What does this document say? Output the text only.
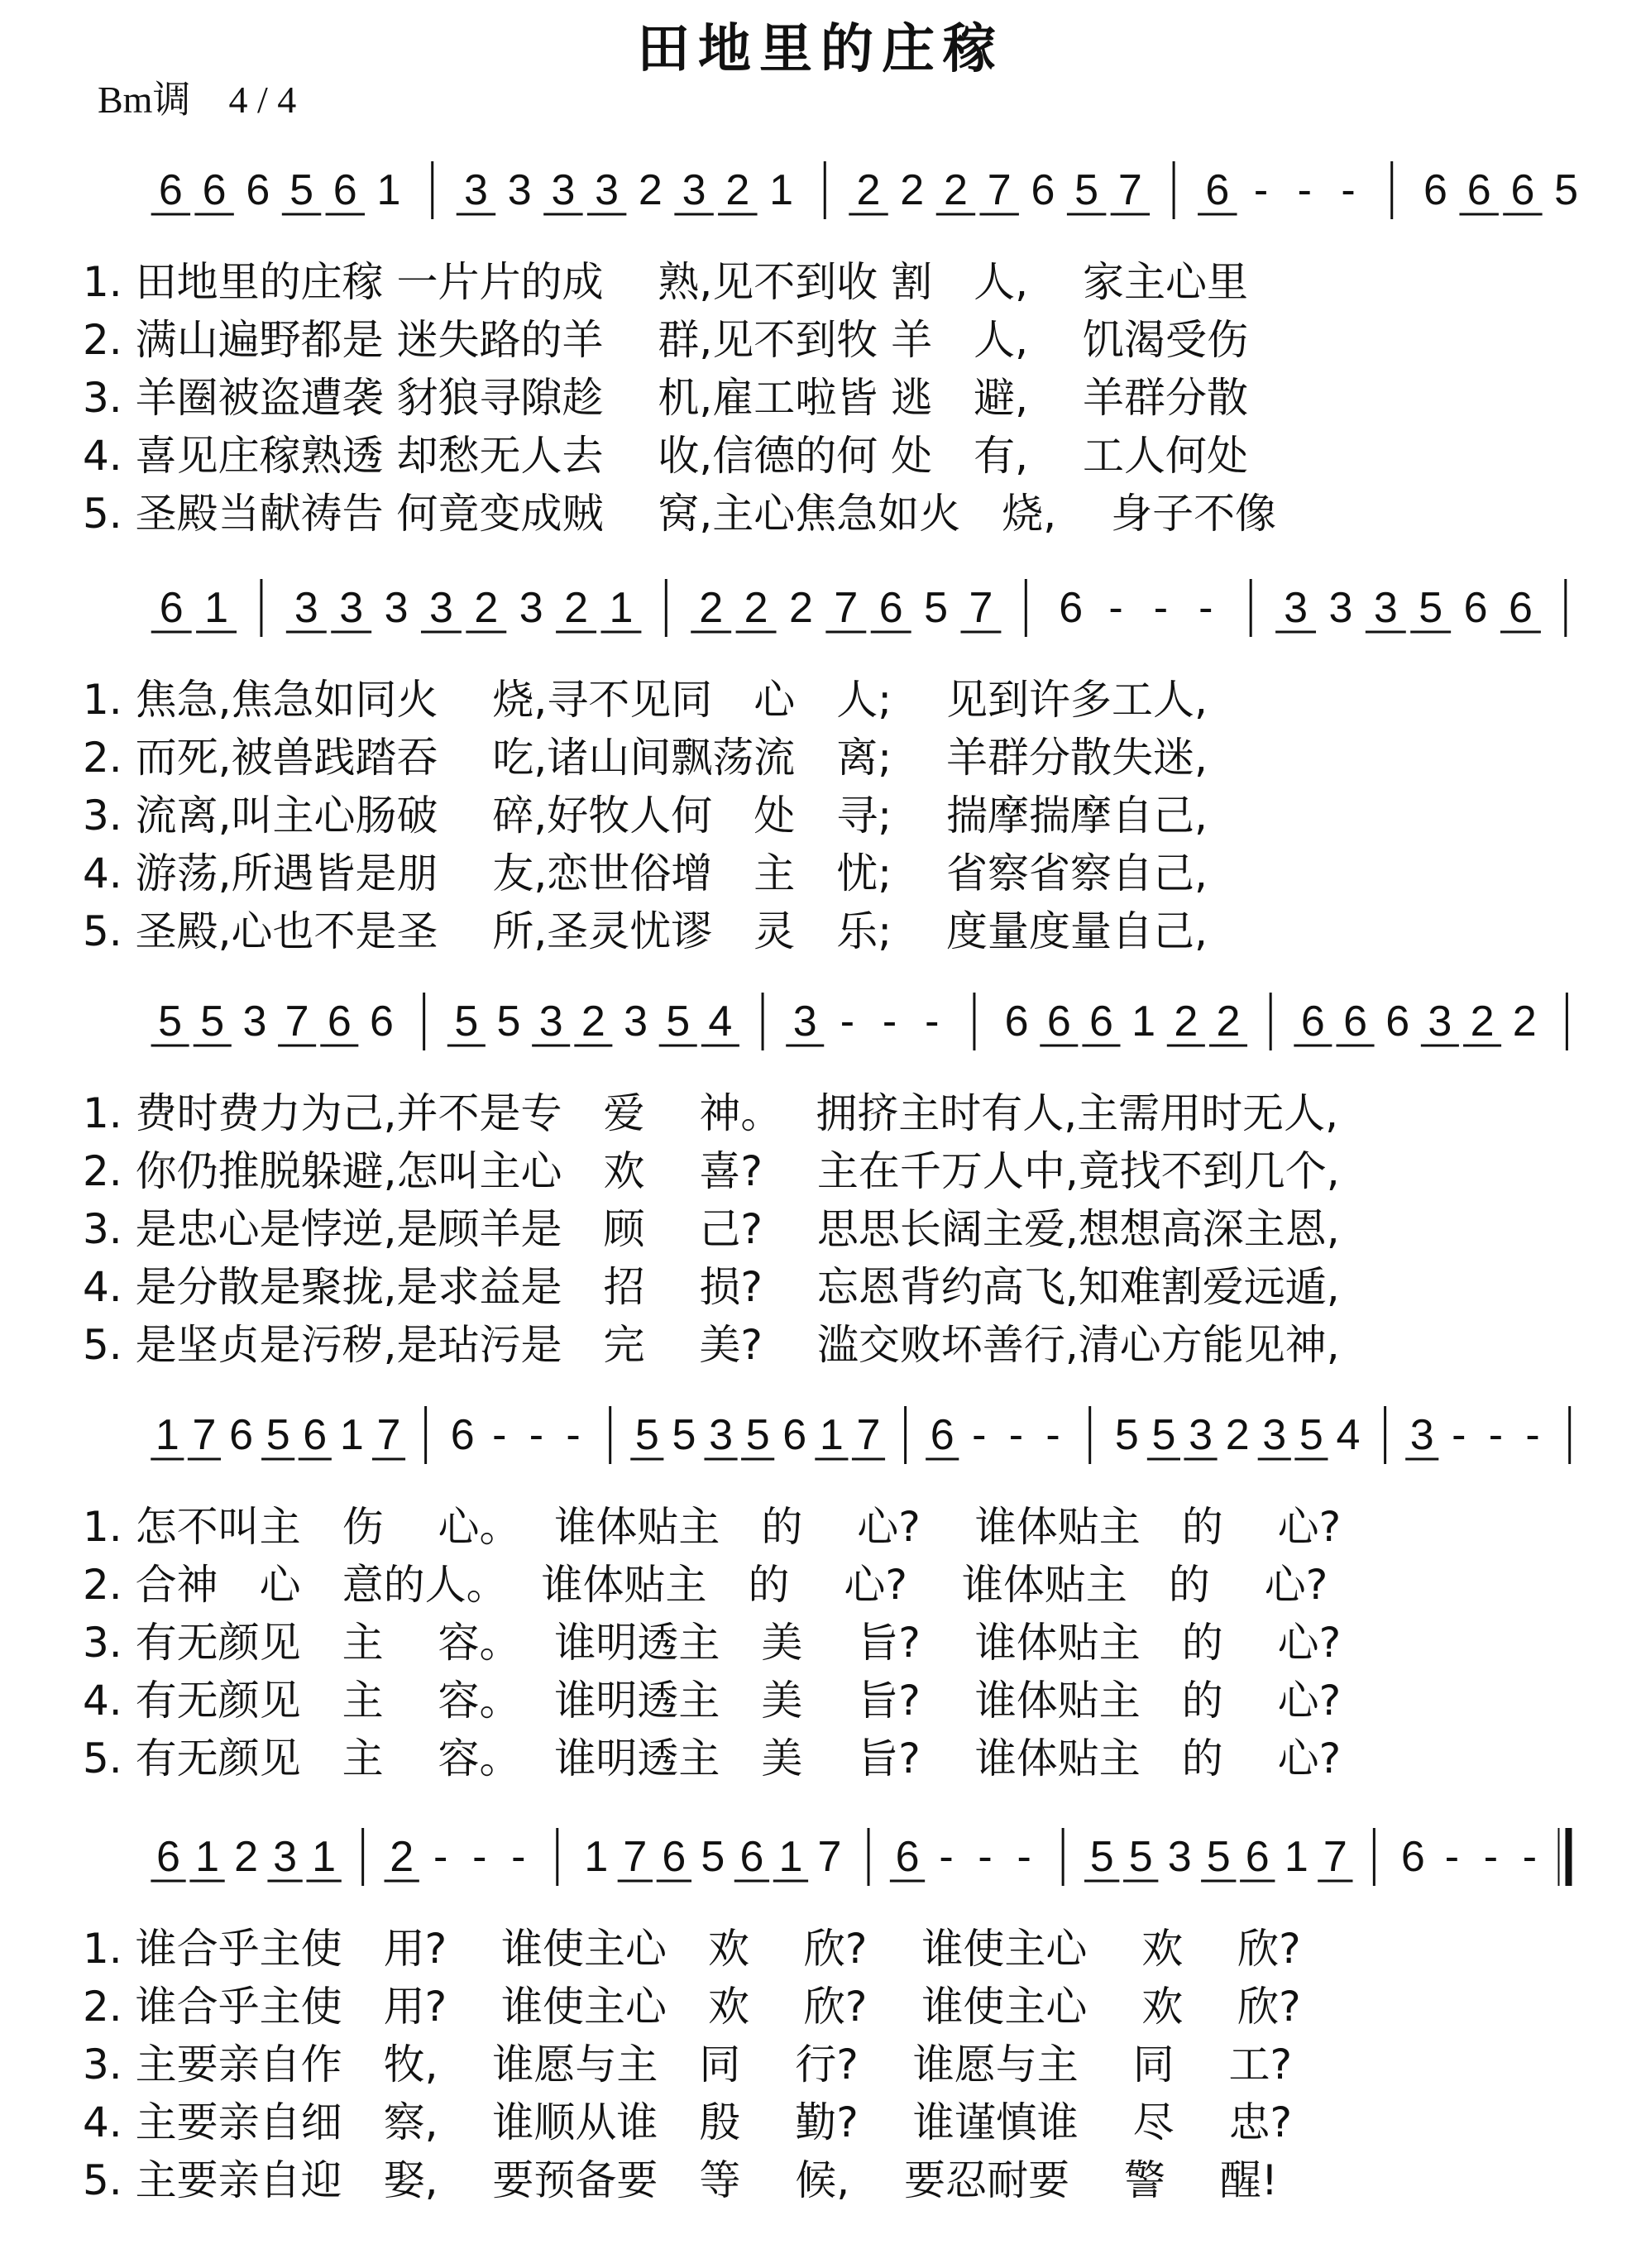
田地里的庄稼
Bm调　4 / 4
6 6 6 5 6 1 3 3 3 3 2 3 2 1 2 2 2 7 6 5 7 6 - - - 6 6 6 5
1. 田地里的庄稼 一片片的成　 熟,见不到收 割　人,　 家主心里
2. 满山遍野都是 迷失路的羊　 群,见不到牧 羊　人,　 饥渴受伤
3. 羊圈被盗遭袭 豺狼寻隙趁　 机,雇工啦皆 逃　避,　 羊群分散
4. 喜见庄稼熟透 却愁无人去　 收,信德的何 处　有,　 工人何处
5. 圣殿当献祷告 何竟变成贼　 窝,主心焦急如火　烧,　 身子不像
6 1 3 3 3 3 2 3 2 1 2 2 2 7 6 5 7 6 - - - 3 3 3 5 6 6
1. 焦急,焦急如同火　 烧,寻不见同　心　人;　 见到许多工人,
2. 而死,被兽践踏吞　 吃,诸山间飘荡流　离;　 羊群分散失迷,
3. 流离,叫主心肠破　 碎,好牧人何　处　寻;　 揣摩揣摩自己,
4. 游荡,所遇皆是朋　 友,恋世俗增　主　忧;　 省察省察自己,
5. 圣殿,心也不是圣　 所,圣灵忧谬　灵　乐;　 度量度量自己,
5 5 3 7 6 6 5 5 3 2 3 5 4 3 - - - 6 6 6 1 2 2 6 6 6 3 2 2
1. 费时费力为己,并不是专　爱　 神。　 拥挤主时有人,主需用时无人,
2. 你仍推脱躲避,怎叫主心　欢　 喜?　 主在千万人中,竟找不到几个,
3. 是忠心是悖逆,是顾羊是　顾　 己?　 思思长阔主爱,想想高深主恩,
4. 是分散是聚拢,是求益是　招　 损?　 忘恩背约高飞,知难割爱远遁,
5. 是坚贞是污秽,是玷污是　完　 美?　 滥交败坏善行,清心方能见神,
1 7 6 5 6 1 7 6 - - - 5 5 3 5 6 1 7 6 - - - 5 5 3 2 3 5 4 3 - - -
1. 怎不叫主　伤　 心。　 谁体贴主　的　 心?　 谁体贴主　的　 心?
2. 合神　心　意的人。　 谁体贴主　的　 心?　 谁体贴主　的　 心?
3. 有无颜见　主　 容。　 谁明透主　美　 旨?　 谁体贴主　的　 心?
4. 有无颜见　主　 容。　 谁明透主　美　 旨?　 谁体贴主　的　 心?
5. 有无颜见　主　 容。　 谁明透主　美　 旨?　 谁体贴主　的　 心?
6 1 2 3 1 2 - - - 1 7 6 5 6 1 7 6 - - - 5 5 3 5 6 1 7 6 - - -
1. 谁合乎主使　用?　 谁使主心　欢　 欣?　 谁使主心　 欢　 欣?
2. 谁合乎主使　用?　 谁使主心　欢　 欣?　 谁使主心　 欢　 欣?
3. 主要亲自作　牧,　 谁愿与主　同　 行?　 谁愿与主　 同　 工?
4. 主要亲自细　察,　 谁顺从谁　殷　 勤?　 谁谨慎谁　 尽　 忠?
5. 主要亲自迎　娶,　 要预备要　等　 候,　 要忍耐要　 警　 醒!
